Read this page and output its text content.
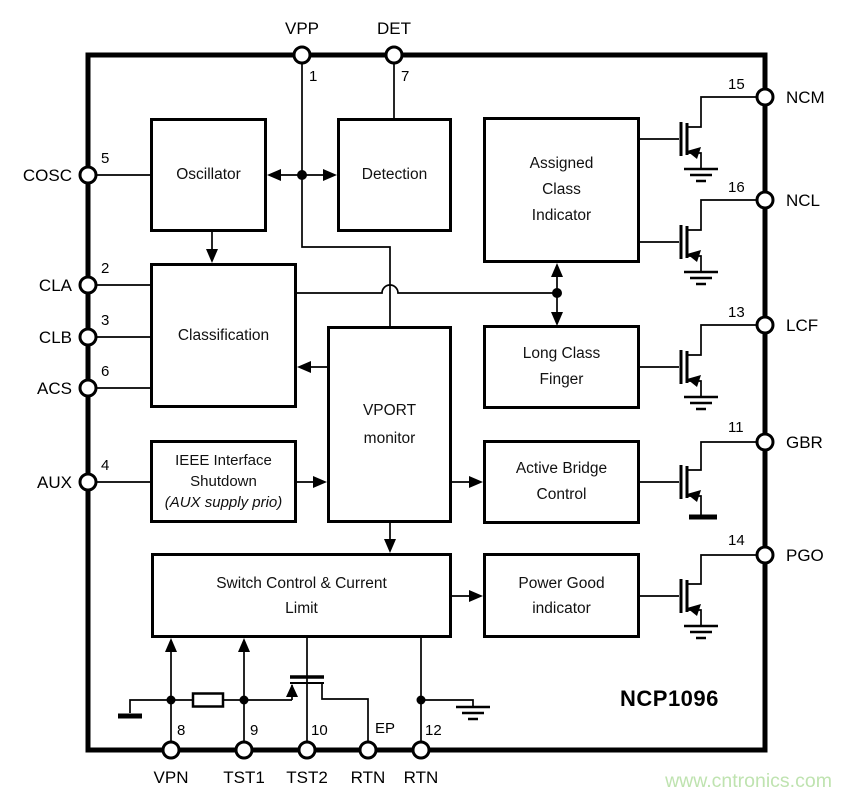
Oscillator	Detection
Assigned
Class
Indicator
Classification
Long Class
Finger
VPORT
monitor
IEEE Interface
Shutdown
(AUX supply prio)
Active Bridge
Control
Switch Control & Current
Limit
Power Good
indicator
VPP	DET
COSC
CLA
CLB
ACS
AUX
NCM
NCL
LCF
GBR
PGO
VPN	TST1 TST2	RTN	RTN
1	7
5
2
3
6
4
15
16
13
11
14
8	9	10	EP 12
NCP1096
www.cntronics.com
